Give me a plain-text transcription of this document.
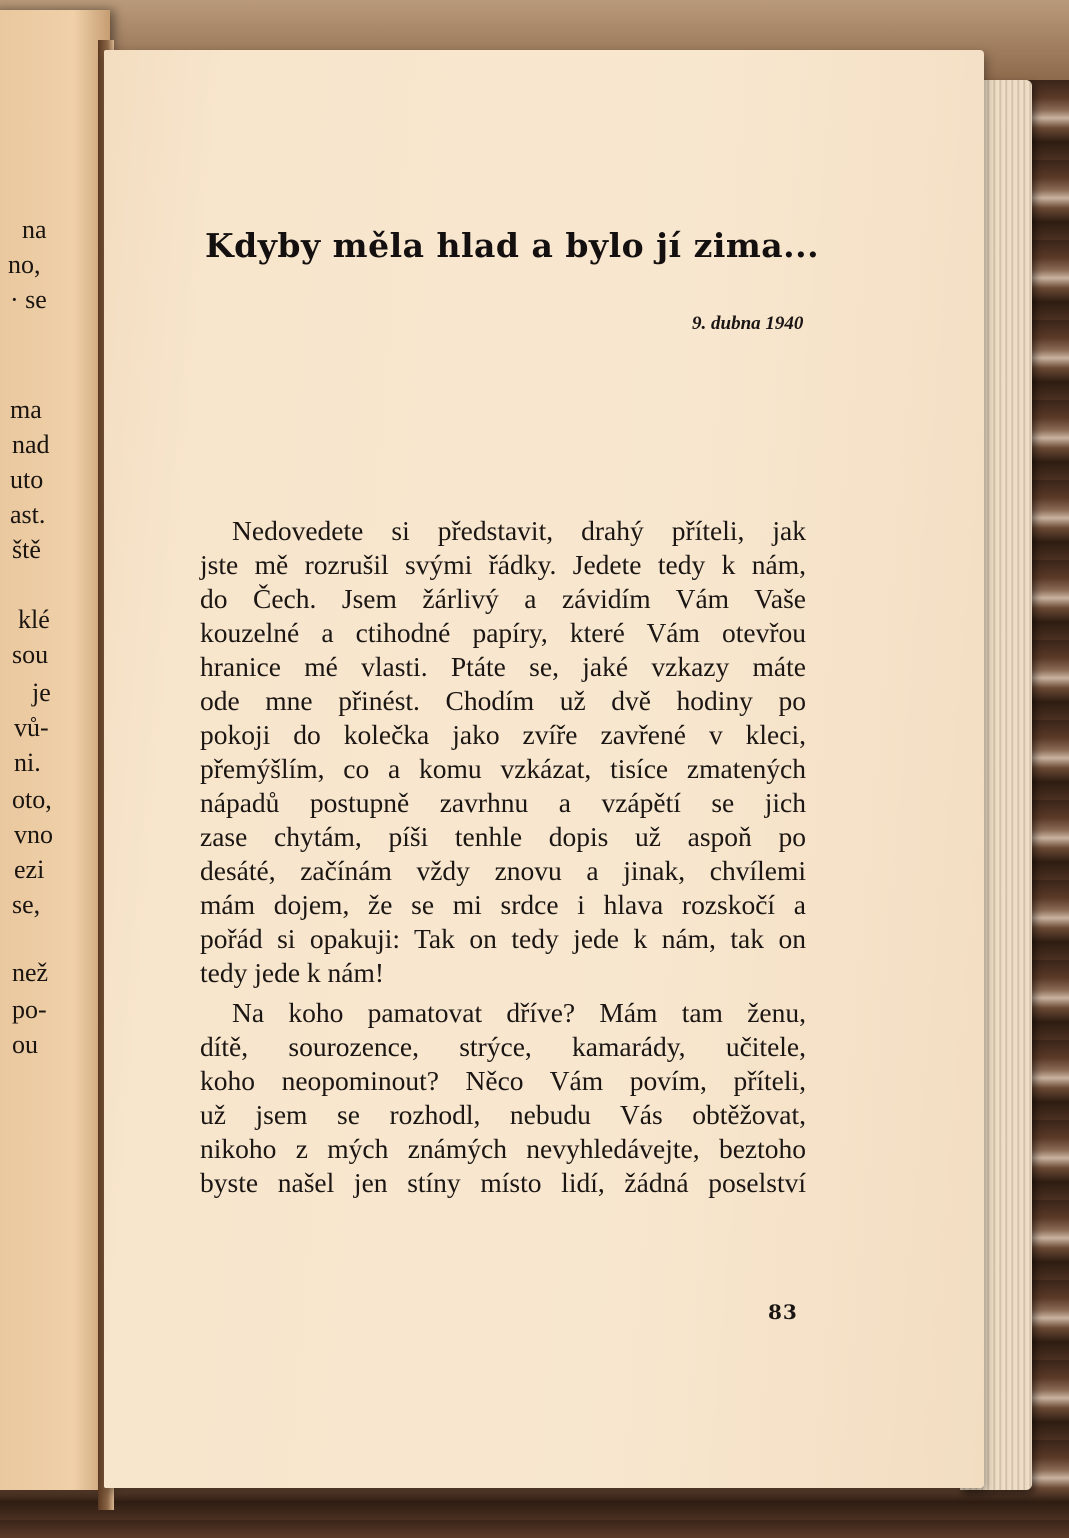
na
no,
· se
ma
nad
uto
ast.
ště
klé
sou
je
vů-
ni.
oto,
vno
ezi
se,
než
po-
ou
Kdyby měla hlad a bylo jí zima...
9. dubna 1940
Nedovedete si představit, drahý příteli, jak
jste mě rozrušil svými řádky. Jedete tedy k nám,
do Čech. Jsem žárlivý a závidím Vám Vaše
kouzelné a ctihodné papíry, které Vám otevřou
hranice mé vlasti. Ptáte se, jaké vzkazy máte
ode mne přinést. Chodím už dvě hodiny po
pokoji do kolečka jako zvíře zavřené v kleci,
přemýšlím, co a komu vzkázat, tisíce zmatených
nápadů postupně zavrhnu a vzápětí se jich
zase chytám, píši tenhle dopis už aspoň po
desáté, začínám vždy znovu a jinak, chvílemi
mám dojem, že se mi srdce i hlava rozskočí a
pořád si opakuji: Tak on tedy jede k nám, tak on
tedy jede k nám!
Na koho pamatovat dříve? Mám tam ženu,
dítě, sourozence, strýce, kamarády, učitele,
koho neopominout? Něco Vám povím, příteli,
už jsem se rozhodl, nebudu Vás obtěžovat,
nikoho z mých známých nevyhledávejte, beztoho
byste našel jen stíny místo lidí, žádná poselství
83
